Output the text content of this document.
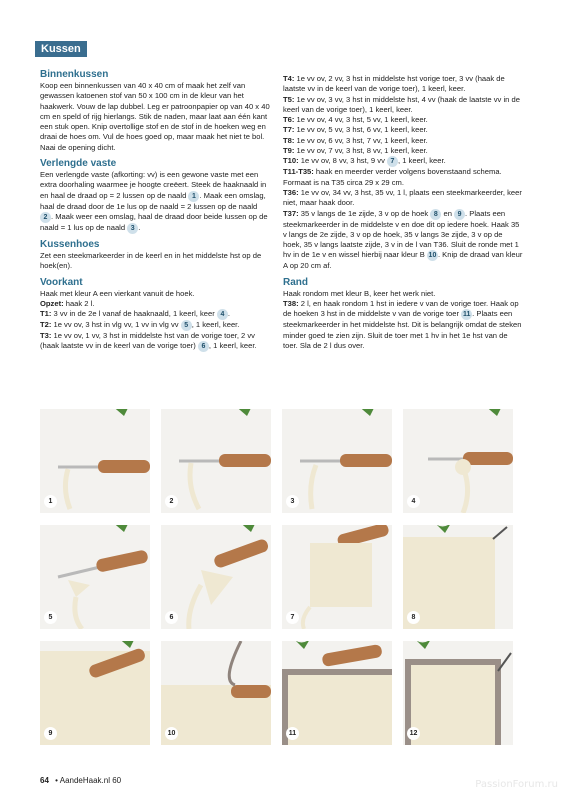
Kussen
Binnenkussen

Koop een binnenkussen van 40 x 40 cm of maak het zelf van gewassen katoenen stof van 50 x 100 cm in de kleur van het haakwerk. Vouw de lap dubbel. Leg er patroonpapier op van 40 x 40 cm en speld of rijg hierlangs. Stik de naden, maar laat aan één kant een stuk open. Knip overtollige stof en de stof in de hoeken weg en draai de hoes om. Vul de hoes goed op, maar maak het niet te bol. Naai de opening dicht.

Verlengde vaste

Een verlengde vaste (afkorting: vv) is een gewone vaste met een extra doorhaling waarmee je hoogte creëert. Steek de haaknaald in en haal de draad op = 2 lussen op de naald 1 . Maak een omslag, haal de draad door de 1e lus op de naald = 2 lussen op de naald 2 . Maak weer een omslag, haal de draad door beide lussen op de naald = 1 lus op de naald 3 .

Kussenhoes

Zet een steekmarkeerder in de keerl en in het middelste hst op de hoek(en).

Voorkant

Haak met kleur A een vierkant vanuit de hoek.

Opzet: haak 2 l.

T1: 3 vv in de 2e l vanaf de haaknaald, 1 keerl, keer 4 .

T2: 1e vv ov, 3 hst in vlg vv, 1 vv in vlg vv 5 , 1 keerl, keer.

T3: 1e vv ov, 1 vv, 3 hst in middelste hst van de vorige toer, 2 vv (haak laatste vv in de keerl van de vorige toer) 6 , 1 keerl, keer.

T4: 1e vv ov, 2 vv, 3 hst in middelste hst vorige toer, 3 vv (haak de laatste vv in de keerl van de vorige toer), 1 keerl, keer.

T5: 1e vv ov, 3 vv, 3 hst in middelste hst, 4 vv (haak de laatste vv in de keerl van de vorige toer), 1 keerl, keer.

T6: 1e vv ov, 4 vv, 3 hst, 5 vv, 1 keerl, keer.

T7: 1e vv ov, 5 vv, 3 hst, 6 vv, 1 keerl, keer.

T8: 1e vv ov, 6 vv, 3 hst, 7 vv, 1 keerl, keer.

T9: 1e vv ov, 7 vv, 3 hst, 8 vv, 1 keerl, keer.

T10: 1e vv ov, 8 vv, 3 hst, 9 vv 7 , 1 keerl, keer.

T11-T35: haak en meerder verder volgens bovenstaand schema. Formaat is na T35 circa 29 x 29 cm.

T36: 1e vv ov, 34 vv, 3 hst, 35 vv, 1 l, plaats een steekmarkeerder, keer niet, maar haak door.

T37: 35 v langs de 1e zijde, 3 v op de hoek 8 en 9 . Plaats een steekmarkeerder in de middelste v en doe dit op iedere hoek. Haak 35 v langs de 2e zijde, 3 v op de hoek, 35 v langs 3e zijde, 3 v op de hoek, 35 v langs laatste zijde, 3 v in de l van T36. Sluit de ronde met 1 hv in de 1e v en wissel hierbij naar kleur B 10 . Knip de draad van kleur A op 20 cm af.

Rand

Haak rondom met kleur B, keer het werk niet.

T38: 2 l, en haak rondom 1 hst in iedere v van de vorige toer. Haak op de hoeken 3 hst in de middelste v van de vorige toer 11 . Plaats een steekmarkeerder in het middelste hst. Dit is belangrijk omdat de steken minder goed te zien zijn. Sluit de toer met 1 hv in het 1e hst van de toer. Sla de 2 l dus over.

1	2	3	4
5	6	7	8
9	10	11	12
64 • AandeHaak.nl 60	PassionForum.ru
